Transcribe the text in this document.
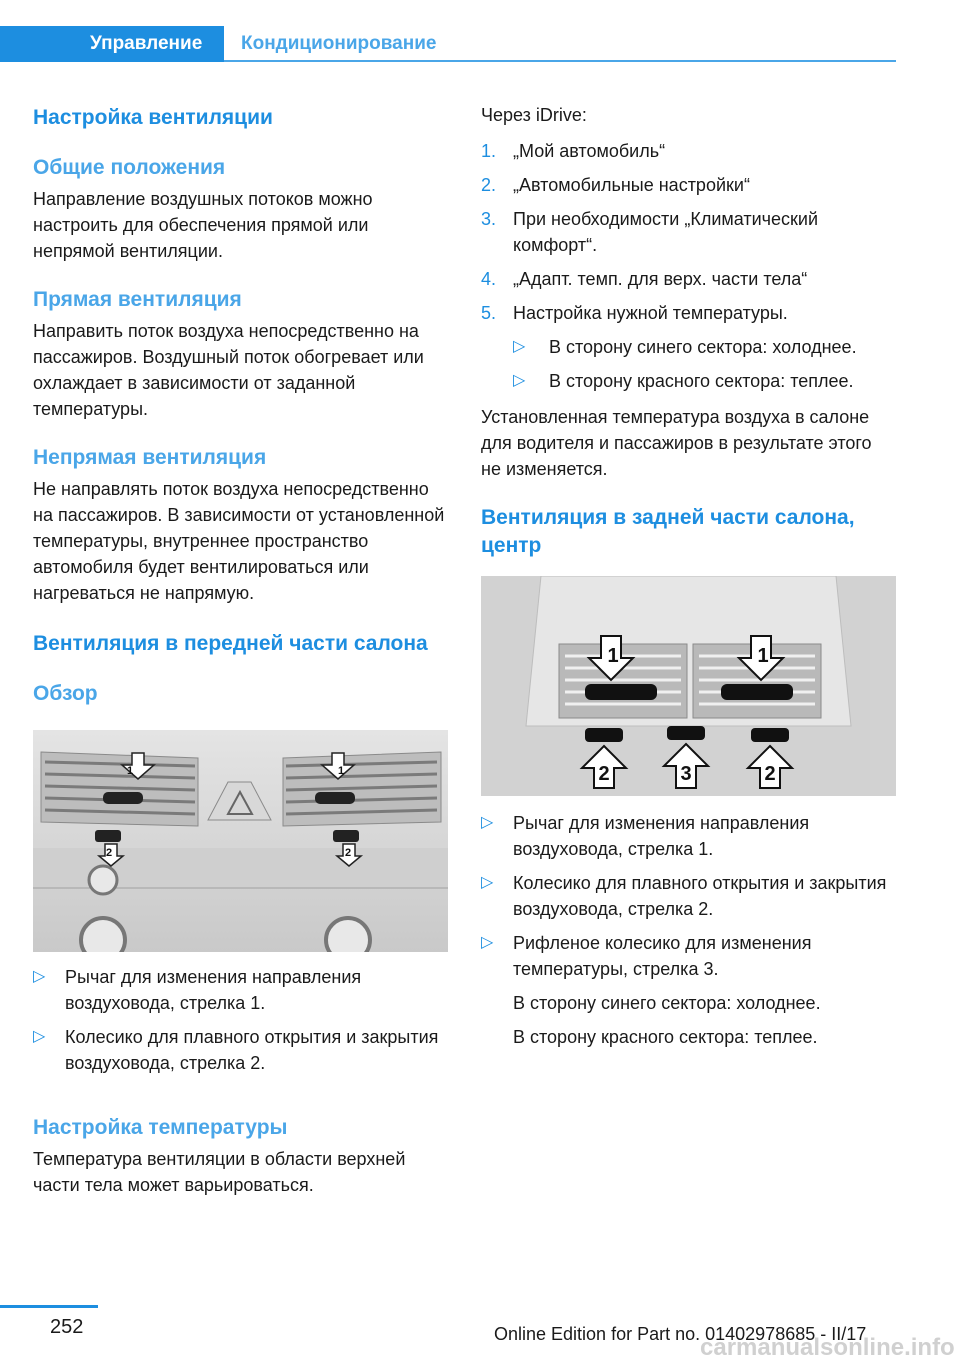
Управление	Кондиционирование
Настройка вентиляции
Общие положения
Направление воздушных потоков можно настроить для обеспечения прямой или непрямой вентиляции.
Прямая вентиляция
Направить поток воздуха непосредственно на пассажиров. Воздушный поток обогревает или охлаждает в зависимости от заданной температуры.
Непрямая вентиляция
Не направлять поток воздуха непосредственно на пассажиров. В зависимости от установленной температуры, внутреннее пространство автомобиля будет вентилироваться или нагреваться не напрямую.
Вентиляция в передней части салона
Обзор
1	1
2	2
▷ Рычаг для изменения направления воздуховода, стрелка 1.
▷ Колесико для плавного открытия и закрытия воздуховода, стрелка 2.
Настройка температуры
Температура вентиляции в области верхней части тела может варьироваться.
Через iDrive:
1. „Мой автомобиль“
2. „Автомобильные настройки“
3. При необходимости „Климатический комфорт“.
4. „Адапт. темп. для верх. части тела“
5. Настройка нужной температуры.
▷ В сторону синего сектора: холоднее.
▷ В сторону красного сектора: теплее.
Установленная температура воздуха в салоне для водителя и пассажиров в результате этого не изменяется.
Вентиляция в задней части салона, центр
1	1
2	3	2
▷ Рычаг для изменения направления воздуховода, стрелка 1.
▷ Колесико для плавного открытия и закрытия воздуховода, стрелка 2.
▷ Рифленое колесико для изменения температуры, стрелка 3.
В сторону синего сектора: холоднее.
В сторону красного сектора: теплее.
252	Online Edition for Part no. 01402978685 - II/17
carmanualsonline.info
